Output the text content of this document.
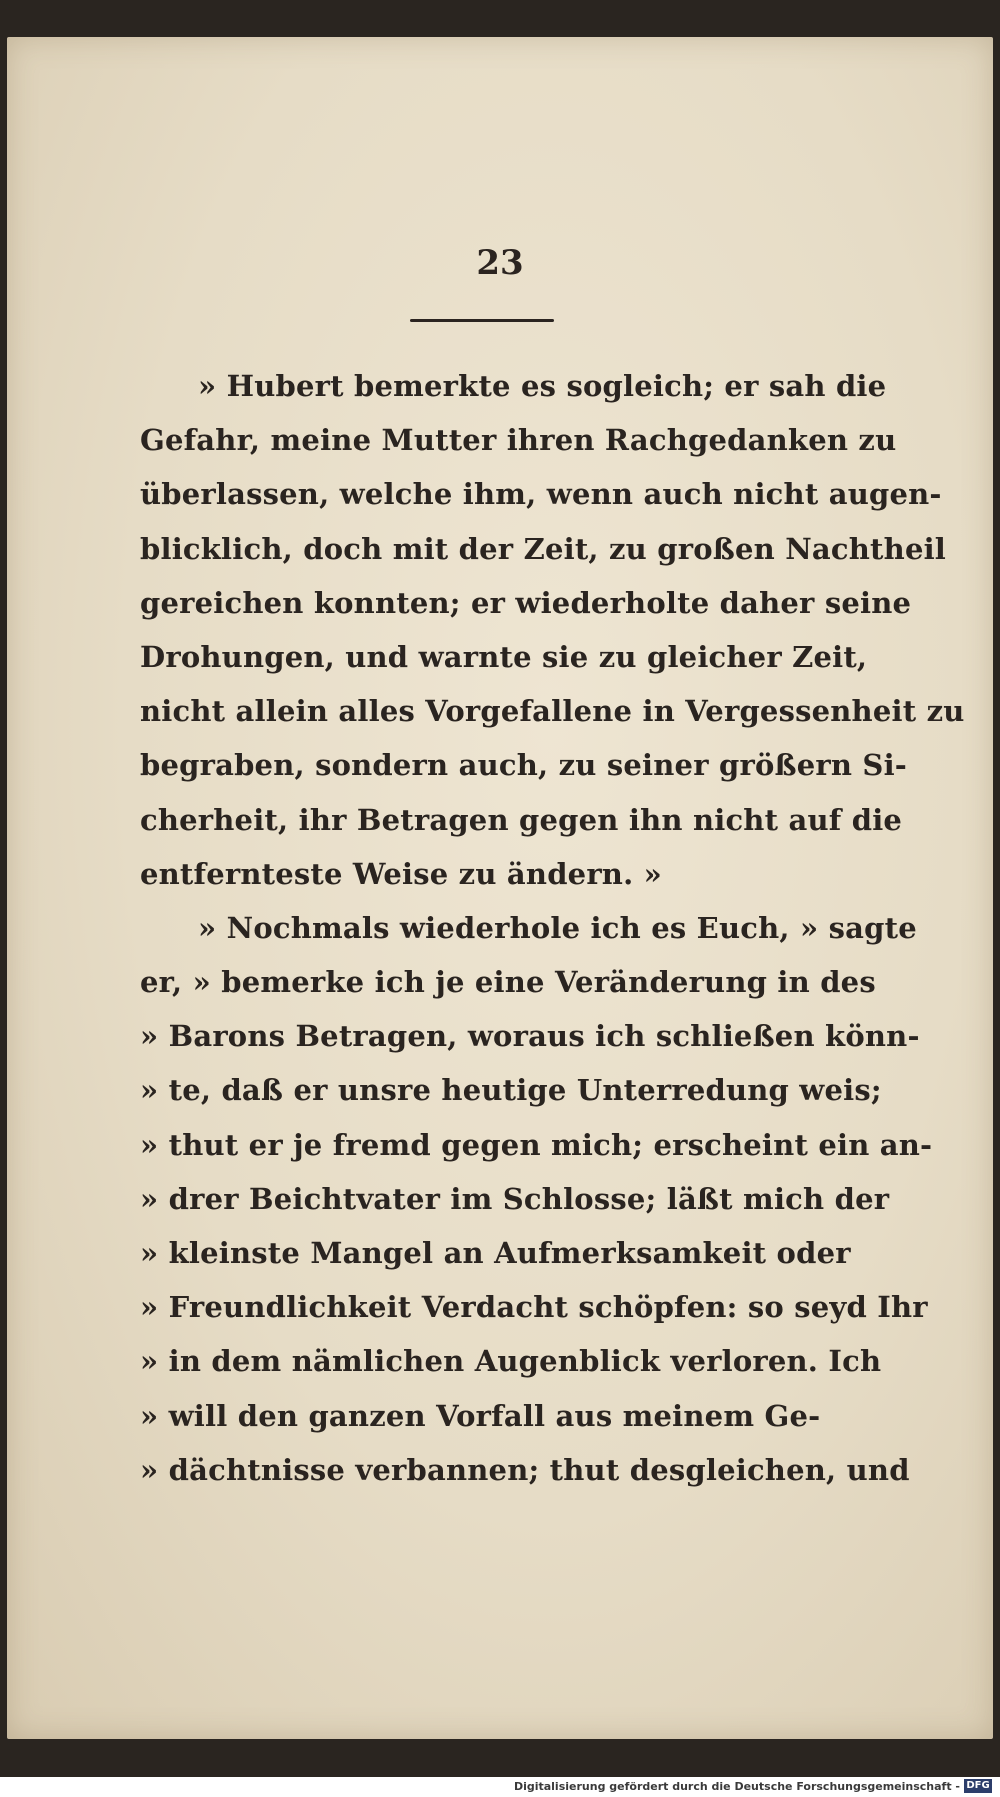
23
» Hubert bemerkte es sogleich; er sah die
Gefahr, meine Mutter ihren Rachgedanken zu
überlassen, welche ihm, wenn auch nicht augen-
blicklich, doch mit der Zeit, zu großen Nachtheil
gereichen konnten; er wiederholte daher seine
Drohungen, und warnte sie zu gleicher Zeit,
nicht allein alles Vorgefallene in Vergessenheit zu
begraben, sondern auch, zu seiner größern Si-
cherheit, ihr Betragen gegen ihn nicht auf die
entfernteste Weise zu ändern. »
» Nochmals wiederhole ich es Euch, » sagte
er, » bemerke ich je eine Veränderung in des
» Barons Betragen, woraus ich schließen könn-
» te, daß er unsre heutige Unterredung weis;
» thut er je fremd gegen mich; erscheint ein an-
» drer Beichtvater im Schlosse; läßt mich der
» kleinste Mangel an Aufmerksamkeit oder
» Freundlichkeit Verdacht schöpfen: so seyd Ihr
» in dem nämlichen Augenblick verloren. Ich
» will den ganzen Vorfall aus meinem Ge-
» dächtnisse verbannen; thut desgleichen, und
Digitalisierung gefördert durch die Deutsche Forschungsgemeinschaft - DFG
